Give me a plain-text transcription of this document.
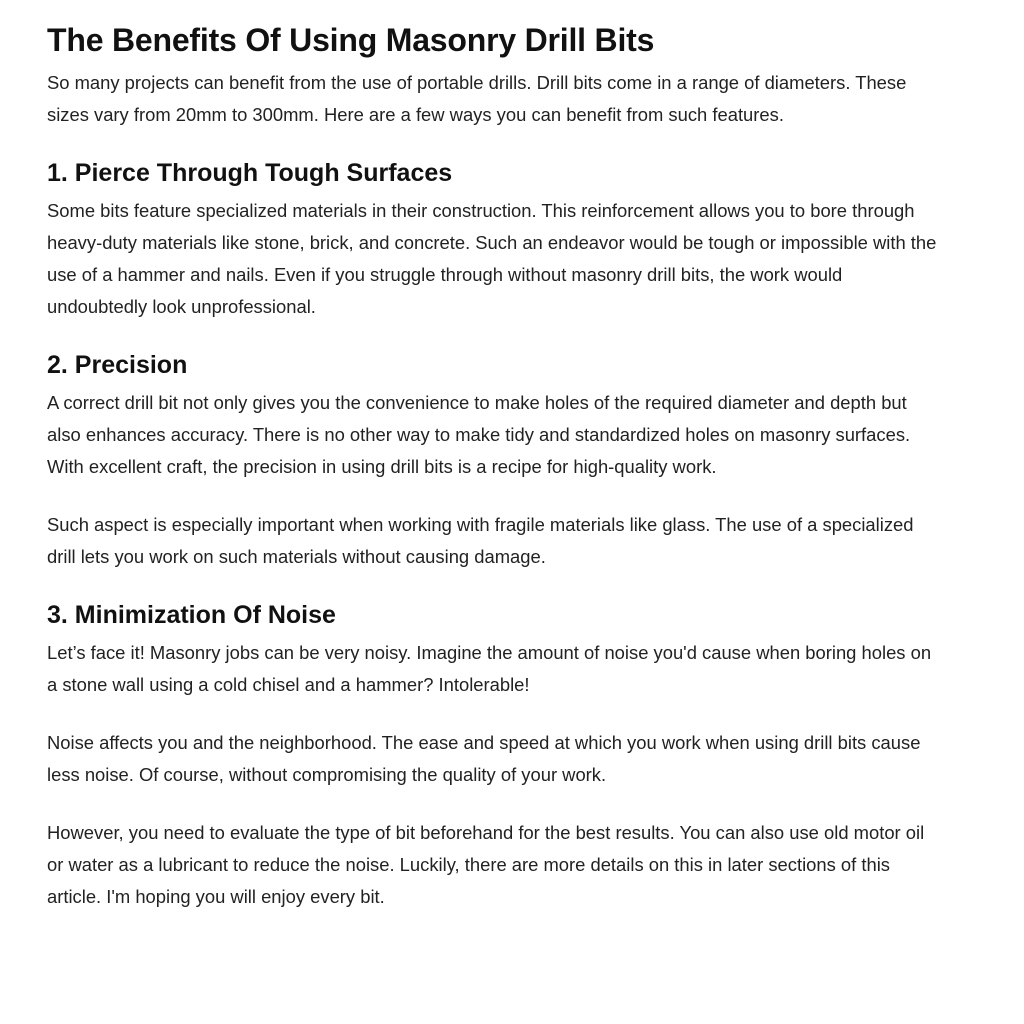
The Benefits Of Using Masonry Drill Bits

So many projects can benefit from the use of portable drills. Drill bits come in a range of diameters. These sizes vary from 20mm to 300mm. Here are a few ways you can benefit from such features.

1. Pierce Through Tough Surfaces

Some bits feature specialized materials in their construction. This reinforcement allows you to bore through heavy-duty materials like stone, brick, and concrete. Such an endeavor would be tough or impossible with the use of a hammer and nails. Even if you struggle through without masonry drill bits, the work would undoubtedly look unprofessional.

2. Precision

A correct drill bit not only gives you the convenience to make holes of the required diameter and depth but also enhances accuracy. There is no other way to make tidy and standardized holes on masonry surfaces. With excellent craft, the precision in using drill bits is a recipe for high-quality work.

Such aspect is especially important when working with fragile materials like glass. The use of a specialized drill lets you work on such materials without causing damage.

3. Minimization Of Noise

Let’s face it! Masonry jobs can be very noisy. Imagine the amount of noise you'd cause when boring holes on a stone wall using a cold chisel and a hammer? Intolerable!

Noise affects you and the neighborhood. The ease and speed at which you work when using drill bits cause less noise. Of course, without compromising the quality of your work.

However, you need to evaluate the type of bit beforehand for the best results. You can also use old motor oil or water as a lubricant to reduce the noise. Luckily, there are more details on this in later sections of this article. I'm hoping you will enjoy every bit.
